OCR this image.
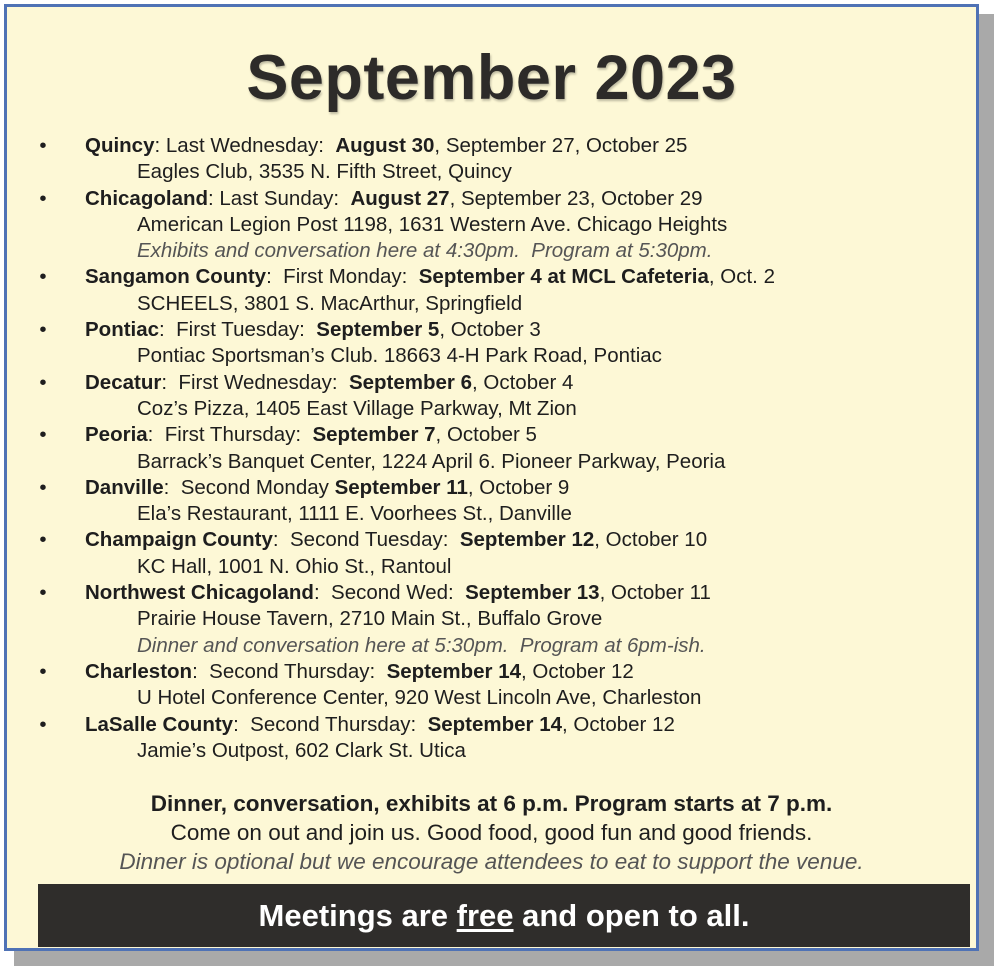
September 2023
•	Quincy: Last Wednesday:  August 30, September 27, October 25
Eagles Club, 3535 N. Fifth Street, Quincy
•	Chicagoland: Last Sunday:  August 27, September 23, October 29
American Legion Post 1198, 1631 Western Ave. Chicago Heights
Exhibits and conversation here at 4:30pm.  Program at 5:30pm.
•	Sangamon County:  First Monday:  September 4 at MCL Cafeteria, Oct. 2
SCHEELS, 3801 S. MacArthur, Springfield
•	Pontiac:  First Tuesday:  September 5, October 3
Pontiac Sportsman’s Club. 18663 4-H Park Road, Pontiac
•	Decatur:  First Wednesday:  September 6, October 4
Coz’s Pizza, 1405 East Village Parkway, Mt Zion
•	Peoria:  First Thursday:  September 7, October 5
Barrack’s Banquet Center, 1224 April 6. Pioneer Parkway, Peoria
•	Danville:  Second Monday September 11, October 9
Ela’s Restaurant, 1111 E. Voorhees St., Danville
•	Champaign County:  Second Tuesday:  September 12, October 10
KC Hall, 1001 N. Ohio St., Rantoul
•	Northwest Chicagoland:  Second Wed:  September 13, October 11
Prairie House Tavern, 2710 Main St., Buffalo Grove
Dinner and conversation here at 5:30pm.  Program at 6pm-ish.
•	Charleston:  Second Thursday:  September 14, October 12
U Hotel Conference Center, 920 West Lincoln Ave, Charleston
•	LaSalle County:  Second Thursday:  September 14, October 12
Jamie’s Outpost, 602 Clark St. Utica
Dinner, conversation, exhibits at 6 p.m. Program starts at 7 p.m.
Come on out and join us. Good food, good fun and good friends.
Dinner is optional but we encourage attendees to eat to support the venue.
Meetings are free and open to all.
